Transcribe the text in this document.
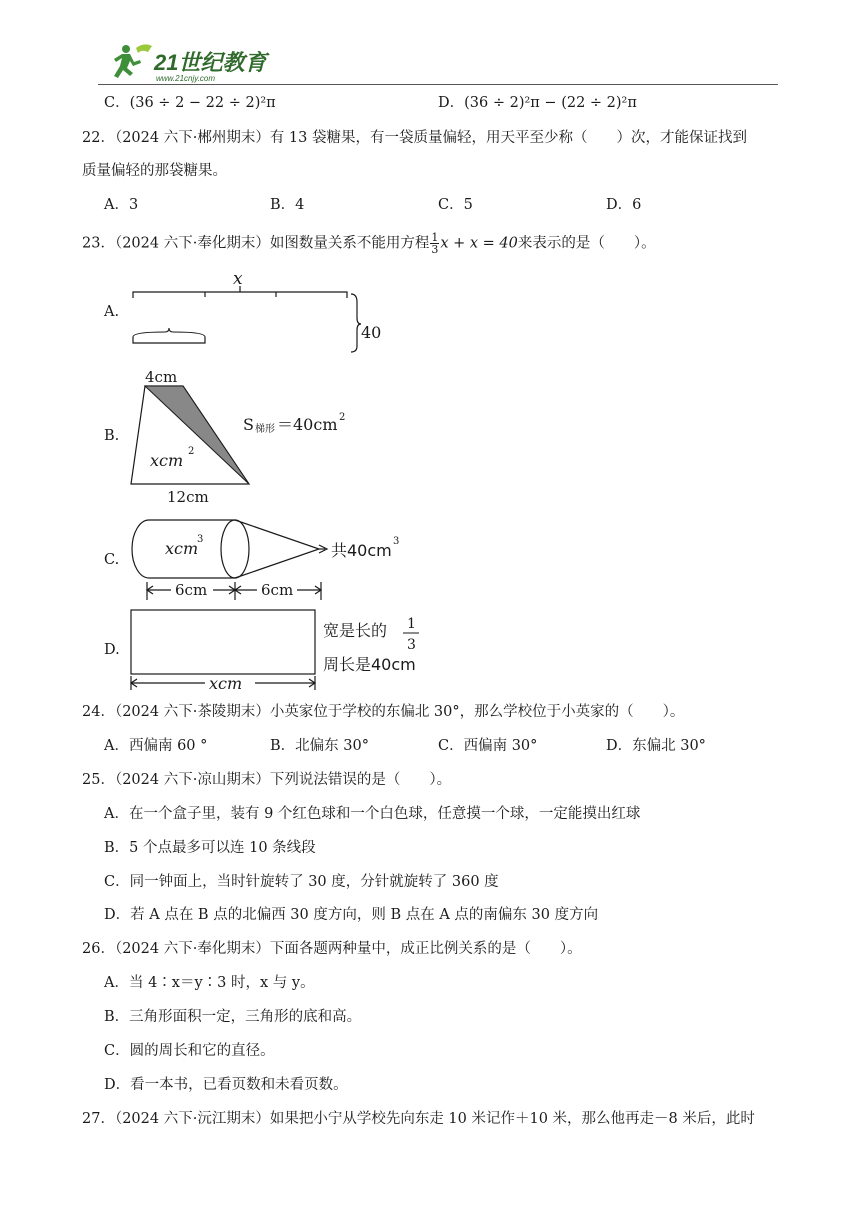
21世纪教育
www.21cnjy.com
C．(36 ÷ 2 − 22 ÷ 2)²π	D．(36 ÷ 2)²π − (22 ÷ 2)²π
22．（2024 六下·郴州期末）有 13 袋糖果，有一袋质量偏轻，用天平至少称（　　）次，才能保证找到
质量偏轻的那袋糖果。
A．3	B．4	C．5	D．6
23．（2024 六下·奉化期末）如图数量关系不能用方程 $\frac{1}{3}$ x + x = 40来表示的是（　　）。
A.
B.
C.
D.
x
40
4cm
xcm 2
12cm
S 梯形 ＝40cm 2
xcm
3
共40cm 3
6cm	6cm
xcm
宽是长的 1
3
周长是40cm
24．（2024 六下·茶陵期末）小英家位于学校的东偏北 30°，那么学校位于小英家的（　　）。
A．西偏南 60 °	B．北偏东 30°	C．西偏南 30°	D．东偏北 30°
25．（2024 六下·凉山期末）下列说法错误的是（　　）。
A．在一个盒子里，装有 9 个红色球和一个白色球，任意摸一个球，一定能摸出红球
B．5 个点最多可以连 10 条线段
C．同一钟面上，当时针旋转了 30 度，分针就旋转了 360 度
D．若 A 点在 B 点的北偏西 30 度方向，则 B 点在 A 点的南偏东 30 度方向
26．（2024 六下·奉化期末）下面各题两种量中，成正比例关系的是（　　）。
A．当 4∶x＝y∶3 时，x 与 y。
B．三角形面积一定，三角形的底和高。
C．圆的周长和它的直径。
D．看一本书，已看页数和未看页数。
27．（2024 六下·沅江期末）如果把小宁从学校先向东走 10 米记作＋10 米，那么他再走－8 米后，此时
